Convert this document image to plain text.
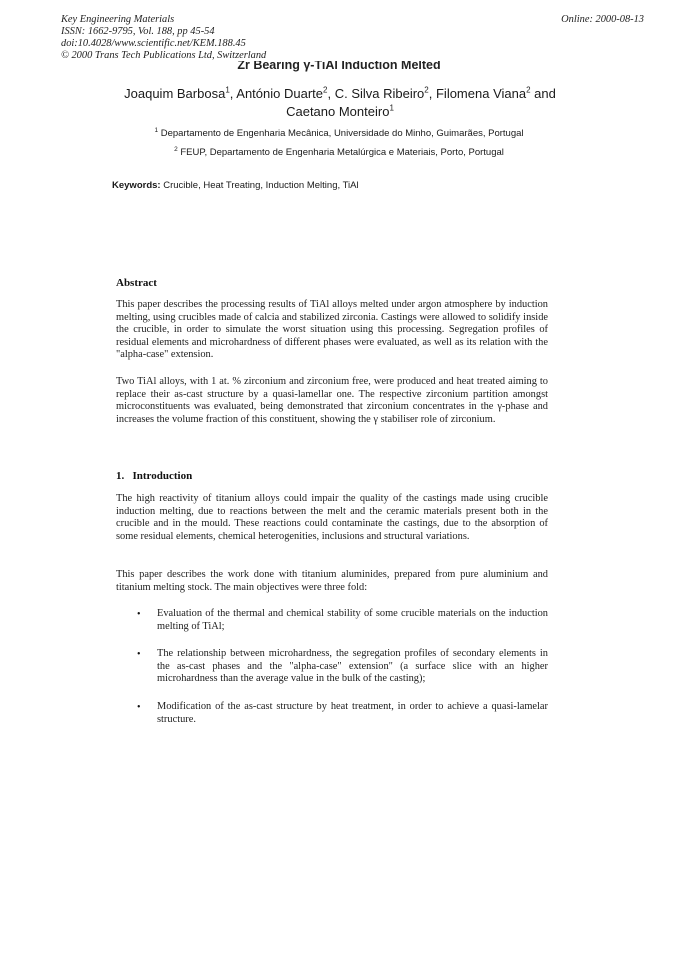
Key Engineering Materials
ISSN: 1662-9795, Vol. 188, pp 45-54
doi:10.4028/www.scientific.net/KEM.188.45
© 2000 Trans Tech Publications Ltd, Switzerland
Online: 2000-08-13
Zr Bearing γ-TiAl Induction Melted
Joaquim Barbosa$^1$, António Duarte$^2$, C. Silva Ribeiro$^2$, Filomena Viana$^2$ and
Caetano Monteiro$^1$
$^1$ Departamento de Engenharia Mecânica, Universidade do Minho, Guimarães, Portugal
$^2$ FEUP, Departamento de Engenharia Metalúrgica e Materiais, Porto, Portugal
Keywords: Crucible, Heat Treating, Induction Melting, TiAl
Abstract

This paper describes the processing results of TiAl alloys melted under argon atmosphere by induction melting, using crucibles made of calcia and stabilized zirconia. Castings were allowed to solidify inside the crucible, in order to simulate the worst situation using this processing. Segregation profiles of residual elements and microhardness of different phases were evaluated, as well as its relation with the "alpha-case" extension.

Two TiAl alloys, with 1 at. % zirconium and zirconium free, were produced and heat treated aiming to replace their as-cast structure by a quasi-lamellar one. The respective zirconium partition amongst microconstituents was evaluated, being demonstrated that zirconium concentrates in the γ-phase and increases the volume fraction of this constituent, showing the γ stabiliser role of zirconium.

1.   Introduction

The high reactivity of titanium alloys could impair the quality of the castings made using crucible induction melting, due to reactions between the melt and the ceramic materials present both in the crucible and in the mould. These reactions could contaminate the castings, due to the absorption of some residual elements, chemical heterogenities, inclusions and structural variations.

This paper describes the work done with titanium aluminides, prepared from pure aluminium and titanium melting stock. The main objectives were three fold:

• Evaluation of the thermal and chemical stability of some crucible materials on the induction melting of TiAl;

• The relationship between microhardness, the segregation profiles of secondary elements in the as-cast phases and the "alpha-case" extension" (a surface slice with an higher microhardness than the average value in the bulk of the casting);

• Modification of the as-cast structure by heat treatment, in order to achieve a quasi-lamelar structure.
